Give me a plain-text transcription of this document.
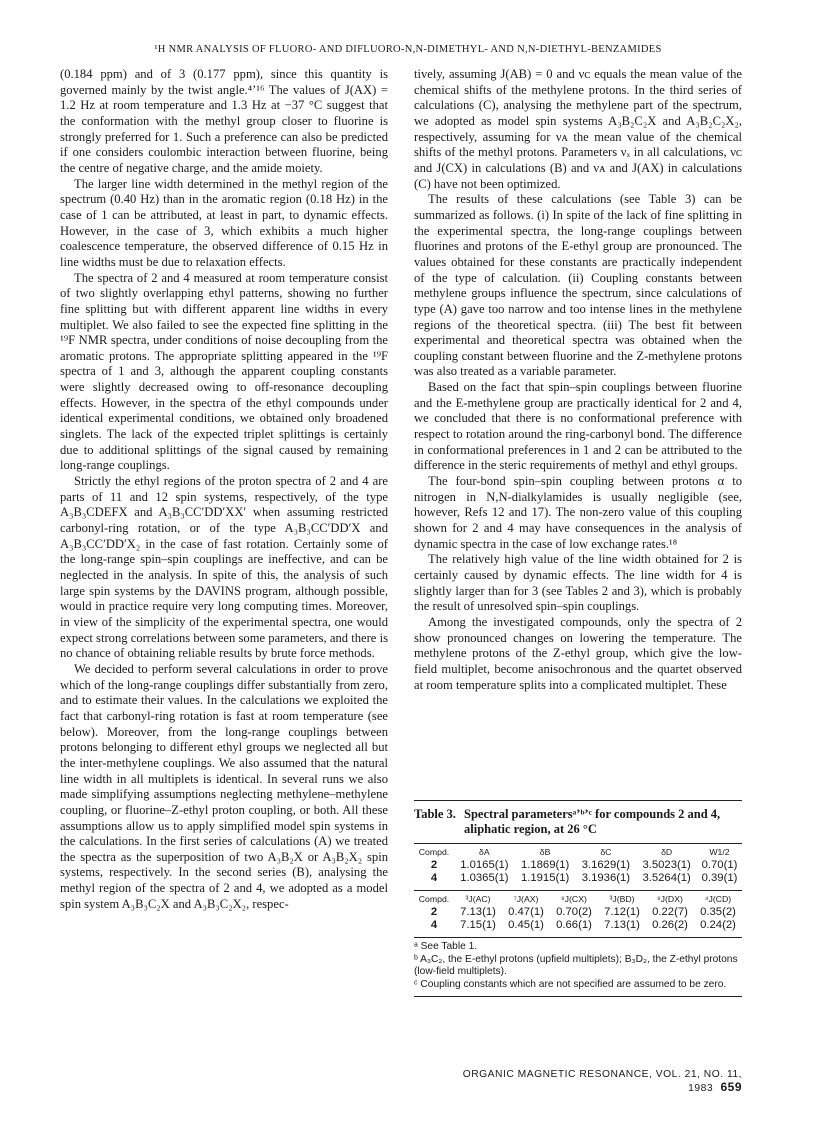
¹H NMR ANALYSIS OF FLUORO- AND DIFLUORO-N,N-DIMETHYL- AND N,N-DIETHYL-BENZAMIDES

(0.184 ppm) and of 3 (0.177 ppm), since this quantity is governed mainly by the twist angle.⁴ʼ¹⁶ The values of J(AX) = 1.2 Hz at room temperature and 1.3 Hz at −37 °C suggest that the conformation with the methyl group closer to fluorine is strongly preferred for 1. Such a preference can also be predicted if one considers coulombic interaction between fluorine, being the centre of negative charge, and the amide moiety.

The larger line width determined in the methyl region of the spectrum (0.40 Hz) than in the aromatic region (0.18 Hz) in the case of 1 can be attributed, at least in part, to dynamic effects. However, in the case of 3, which exhibits a much higher coalescence temperature, the observed difference of 0.15 Hz in line widths must be due to relaxation effects.

The spectra of 2 and 4 measured at room temperature consist of two slightly overlapping ethyl patterns, showing no further fine splitting but with different apparent line widths in every multiplet. We also failed to see the expected fine splitting in the ¹⁹F NMR spectra, under conditions of noise decoupling from the aromatic protons. The appropriate splitting appeared in the ¹⁹F spectra of 1 and 3, although the apparent coupling constants were slightly decreased owing to off-resonance decoupling effects. However, in the spectra of the ethyl compounds under identical experimental conditions, we obtained only broadened singlets. The lack of the expected triplet splittings is certainly due to additional splittings of the signal caused by remaining long-range couplings.

Strictly the ethyl regions of the proton spectra of 2 and 4 are parts of 11 and 12 spin systems, respectively, of the type A₃B₃CDEFX and A₃B₃CC′DD′XX′ when assuming restricted carbonyl-ring rotation, or of the type A₃B₃CC′DD′X and A₃B₃CC′DD′X₂ in the case of fast rotation. Certainly some of the long-range spin–spin couplings are ineffective, and can be neglected in the analysis. In spite of this, the analysis of such large spin systems by the DAVINS program, although possible, would in practice require very long computing times. Moreover, in view of the simplicity of the experimental spectra, one would expect strong correlations between some parameters, and there is no chance of obtaining reliable results by brute force methods.

We decided to perform several calculations in order to prove which of the long-range couplings differ substantially from zero, and to estimate their values. In the calculations we exploited the fact that carbonyl-ring rotation is fast at room temperature (see below). Moreover, from the long-range couplings between protons belonging to different ethyl groups we neglected all but the inter-methylene couplings. We also assumed that the natural line width in all multiplets is identical. In several runs we also made simplifying assumptions neglecting methylene–methylene coupling, or fluorine–Z-ethyl proton coupling, or both. All these assumptions allow us to apply simplified model spin systems in the calculations. In the first series of calculations (A) we treated the spectra as the superposition of two A₃B₂X or A₃B₂X₂ spin systems, respectively. In the second series (B), analysing the methyl region of the spectra of 2 and 4, we adopted as a model spin system A₃B₃C₂X and A₃B₃C₂X₂, respec-

tively, assuming J(AB) = 0 and νᴄ equals the mean value of the chemical shifts of the methylene protons. In the third series of calculations (C), analysing the methylene part of the spectrum, we adopted as model spin systems A₃B₂C₂X and A₃B₂C₂X₂, respectively, assuming for νᴀ the mean value of the chemical shifts of the methyl protons. Parameters νₓ in all calculations, νᴄ and J(CX) in calculations (B) and νᴀ and J(AX) in calculations (C) have not been optimized.

The results of these calculations (see Table 3) can be summarized as follows. (i) In spite of the lack of fine splitting in the experimental spectra, the long-range couplings between fluorines and protons of the E-ethyl group are pronounced. The values obtained for these constants are practically independent of the type of calculation. (ii) Coupling constants between methylene groups influence the spectrum, since calculations of type (A) gave too narrow and too intense lines in the methylene regions of the theoretical spectra. (iii) The best fit between experimental and theoretical spectra was obtained when the coupling constant between fluorine and the Z-methylene protons was also treated as a variable parameter.

Based on the fact that spin–spin couplings between fluorine and the E-methylene group are practically identical for 2 and 4, we concluded that there is no conformational preference with respect to rotation around the ring-carbonyl bond. The difference in conformational preferences in 1 and 2 can be attributed to the difference in the steric requirements of methyl and ethyl groups.

The four-bond spin–spin coupling between protons α to nitrogen in N,N-dialkylamides is usually negligible (see, however, Refs 12 and 17). The non-zero value of this coupling shown for 2 and 4 may have consequences in the analysis of dynamic spectra in the case of low exchange rates.¹⁸

The relatively high value of the line width obtained for 2 is certainly caused by dynamic effects. The line width for 4 is slightly larger than for 3 (see Tables 2 and 3), which is probably the result of unresolved spin–spin couplings.

Among the investigated compounds, only the spectra of 2 show pronounced changes on lowering the temperature. The methylene protons of the Z-ethyl group, which give the low-field multiplet, become anisochronous and the quartet observed at room temperature splits into a complicated multiplet. These

Table 3. Spectral parametersᵃʼᵇʼᶜ for compounds 2 and 4, aliphatic region, at 26 °C
Compd.	δA	δB	δC	δD	W1/2
2	1.0165(1)	1.1869(1)	3.1629(1)	3.5023(1)	0.70(1)
4	1.0365(1)	1.1915(1)	3.1936(1)	3.5264(1)	0.39(1)
Compd.	³J(AC)	⁷J(AX)	⁶J(CX)	³J(BD)	⁶J(DX)	⁴J(CD)
2	7.13(1)	0.47(1)	0.70(2)	7.12(1)	0.22(7)	0.35(2)
4	7.15(1)	0.45(1)	0.66(1)	7.13(1)	0.26(2)	0.24(2)
ᵃ See Table 1.
ᵇ A₃C₂, the E-ethyl protons (upfield multiplets); B₃D₂, the Z-ethyl protons (low-field multiplets).
ᶜ Coupling constants which are not specified are assumed to be zero.
ORGANIC MAGNETIC RESONANCE, VOL. 21, NO. 11, 1983 659
